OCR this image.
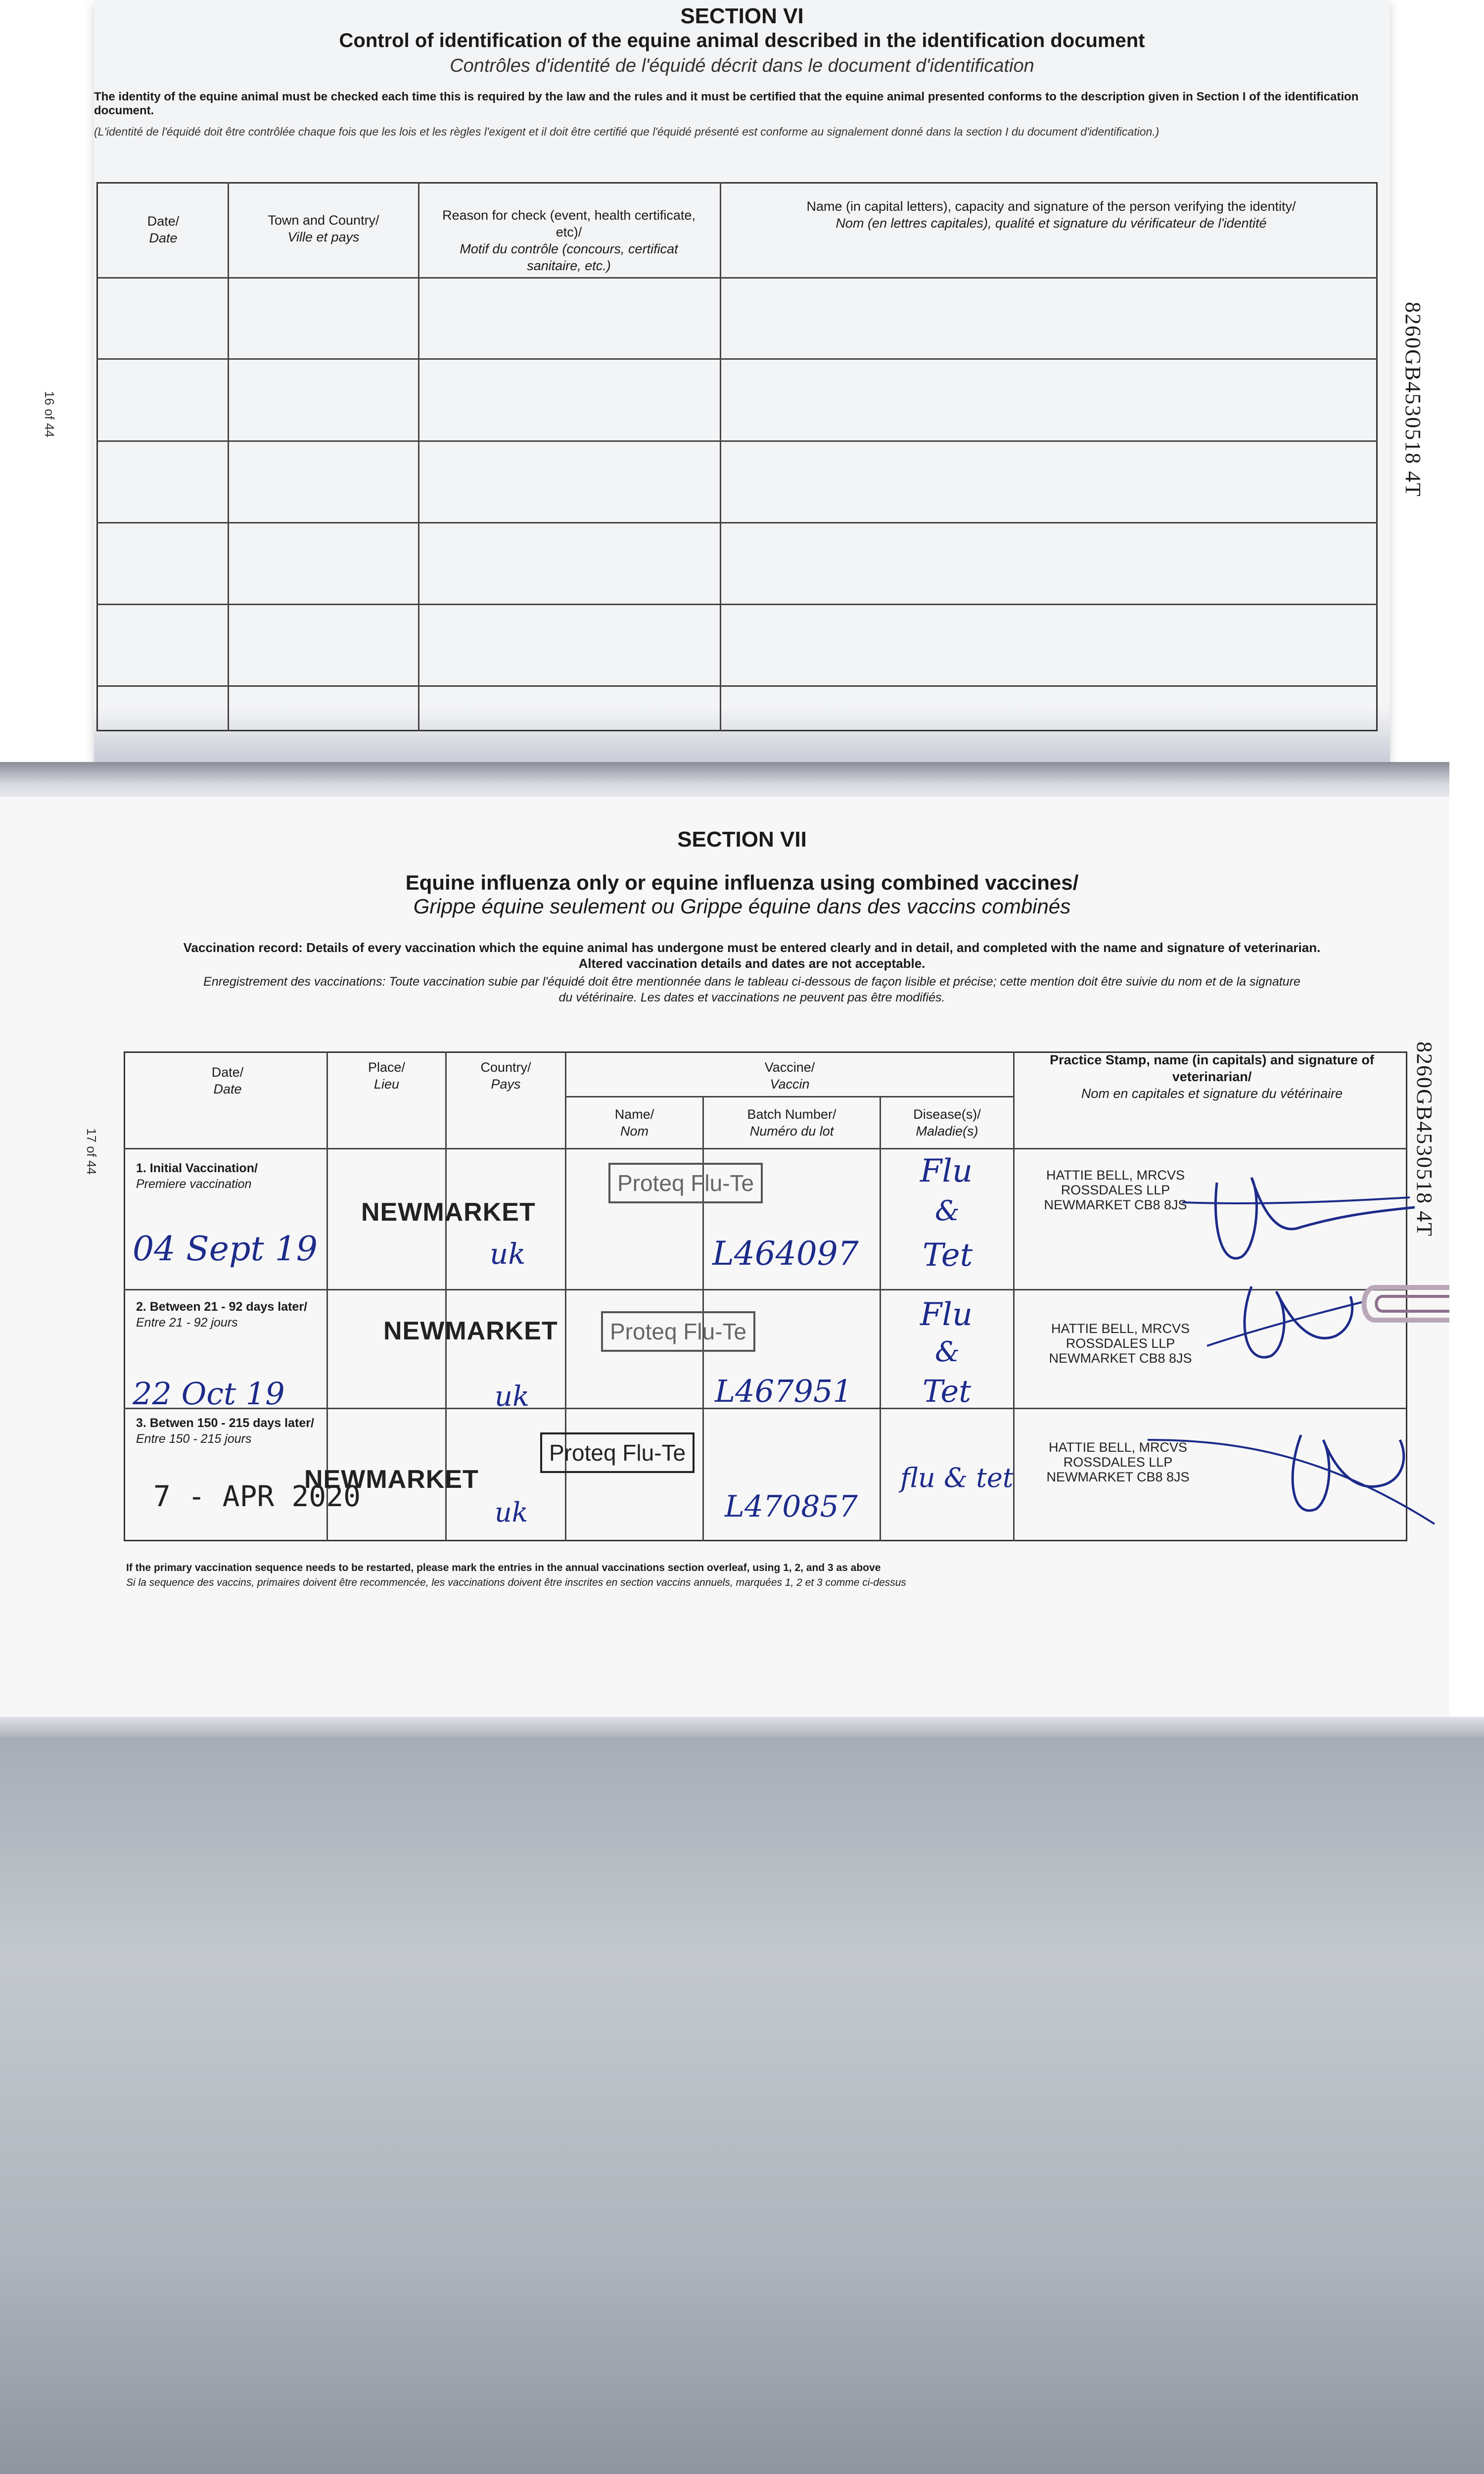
SECTION VI
Control of identification of the equine animal described in the identification document
Contrôles d'identité de l'équidé décrit dans le document d'identification
The identity of the equine animal must be checked each time this is required by the law and the rules and it must be certified that the equine animal presented conforms to the description given in Section I of the identification document.
(L'identité de l'équidé doit être contrôlée chaque fois que les lois et les règles l'exigent et il doit être certifié que l'équidé présenté est conforme au signalement donné dans la section I du document d'identification.)
Date/
Date
Town and Country/
Ville et pays
Reason for check (event, health certificate, etc)/
Motif du contrôle (concours, certificat sanitaire, etc.)
Name (in capital letters), capacity and signature of the person verifying the identity/
Nom (en lettres capitales), qualité et signature du vérificateur de l'identité
16 of 44	8260GB4530518 4T
SECTION VII
Equine influenza only or equine influenza using combined vaccines/
Grippe équine seulement ou Grippe équine dans des vaccins combinés
Vaccination record: Details of every vaccination which the equine animal has undergone must be entered clearly and in detail, and completed with the name and signature of veterinarian.
Altered vaccination details and dates are not acceptable.
Enregistrement des vaccinations: Toute vaccination subie par l'équidé doit être mentionnée dans le tableau ci-dessous de façon lisible et précise; cette mention doit être suivie du nom et de la signature
du vétérinaire. Les dates et vaccinations ne peuvent pas être modifiés.
Date/
Date
Place/
Lieu
Country/
Pays
Vaccine/
Vaccin
Name/
Nom
Batch Number/
Numéro du lot
Disease(s)/
Maladie(s)
Practice Stamp, name (in capitals) and signature of veterinarian/
Nom en capitales et signature du vétérinaire
1. Initial Vaccination/
Premiere vaccination
04 Sept 19
NEWMARKET
uk
Proteq Flu-Te
L464097
Flu
&
Tet
HATTIE BELL, MRCVS
ROSSDALES LLP
NEWMARKET CB8 8JS
2. Between 21 - 92 days later/
Entre 21 - 92 jours
22 Oct 19
NEWMARKET
uk
Proteq Flu-Te
L467951
Flu
&
Tet
HATTIE BELL, MRCVS
ROSSDALES LLP
NEWMARKET CB8 8JS
3. Betwen 150 - 215 days later/
Entre 150 - 215 jours
7 - APR 2020
NEWMARKET
uk
Proteq Flu-Te
L470857
flu & tet
HATTIE BELL, MRCVS
ROSSDALES LLP
NEWMARKET CB8 8JS
If the primary vaccination sequence needs to be restarted, please mark the entries in the annual vaccinations section overleaf, using 1, 2, and 3 as above
Si la sequence des vaccins, primaires doivent être recommencée, les vaccinations doivent être inscrites en section vaccins annuels, marquées 1, 2 et 3 comme ci-dessus
17 of 44	8260GB4530518 4T
